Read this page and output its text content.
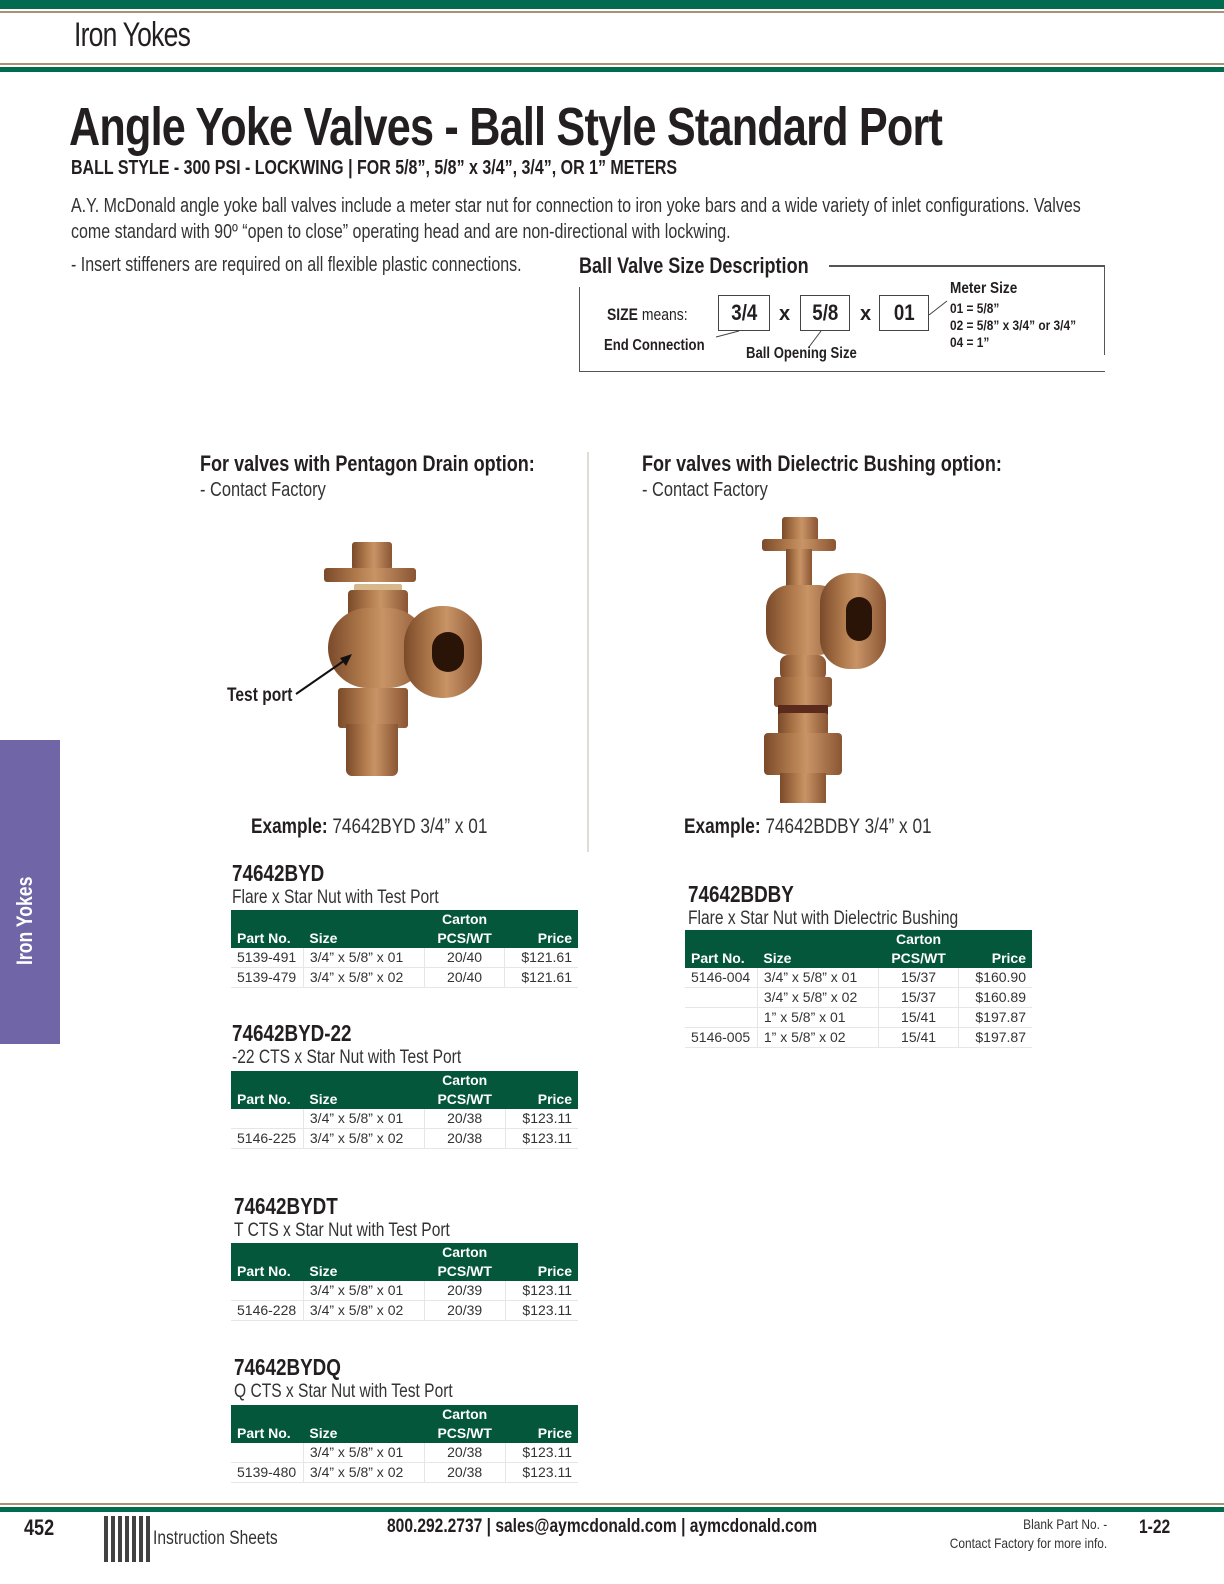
Iron Yokes
Angle Yoke Valves - Ball Style Standard Port
BALL STYLE - 300 PSI - LOCKWING | FOR 5/8”, 5/8” x 3/4”, 3/4”, OR 1” METERS
A.Y. McDonald angle yoke ball valves include a meter star nut for connection to iron yoke bars and a wide variety of inlet configurations. Valves come standard with 90º “open to close” operating head and are non-directional with lockwing.
- Insert stiffeners are required on all flexible plastic connections.	Ball Valve Size Description
SIZE means: 3/4 x 5/8 x 01
End Connection	Ball Opening Size
Meter Size
01 = 5/8”
02 = 5/8” x 3/4” or 3/4”
04 = 1”
For valves with Pentagon Drain option:
- Contact Factory
For valves with Dielectric Bushing option:
- Contact Factory
Test port
Example: 74642BYD 3/4” x 01	Example: 74642BDBY 3/4” x 01
74642BYD
Flare x Star Nut with Test Port
		Carton	
Part No.	Size	PCS/WT	Price
5139-491	3/4” x 5/8” x 01	20/40	$121.61
5139-479	3/4” x 5/8” x 02	20/40	$121.61
74642BYD-22
-22 CTS x Star Nut with Test Port
		Carton	
Part No.	Size	PCS/WT	Price
	3/4” x 5/8” x 01	20/38	$123.11
5146-225	3/4” x 5/8” x 02	20/38	$123.11
74642BYDT
T CTS x Star Nut with Test Port
		Carton	
Part No.	Size	PCS/WT	Price
	3/4” x 5/8” x 01	20/39	$123.11
5146-228	3/4” x 5/8” x 02	20/39	$123.11
74642BYDQ
Q CTS x Star Nut with Test Port
		Carton	
Part No.	Size	PCS/WT	Price
	3/4” x 5/8” x 01	20/38	$123.11
5139-480	3/4” x 5/8” x 02	20/38	$123.11
74642BDBY
Flare x Star Nut with Dielectric Bushing
		Carton	
Part No.	Size	PCS/WT	Price
5146-004	3/4” x 5/8” x 01	15/37	$160.90
	3/4” x 5/8” x 02	15/37	$160.89
	1” x 5/8” x 01	15/41	$197.87
5146-005	1” x 5/8” x 02	15/41	$197.87
Iron Yokes
452	Instruction Sheets
800.292.2737 | sales@aymcdonald.com | aymcdonald.com	Blank Part No. -
Contact Factory for more info.
1-22
